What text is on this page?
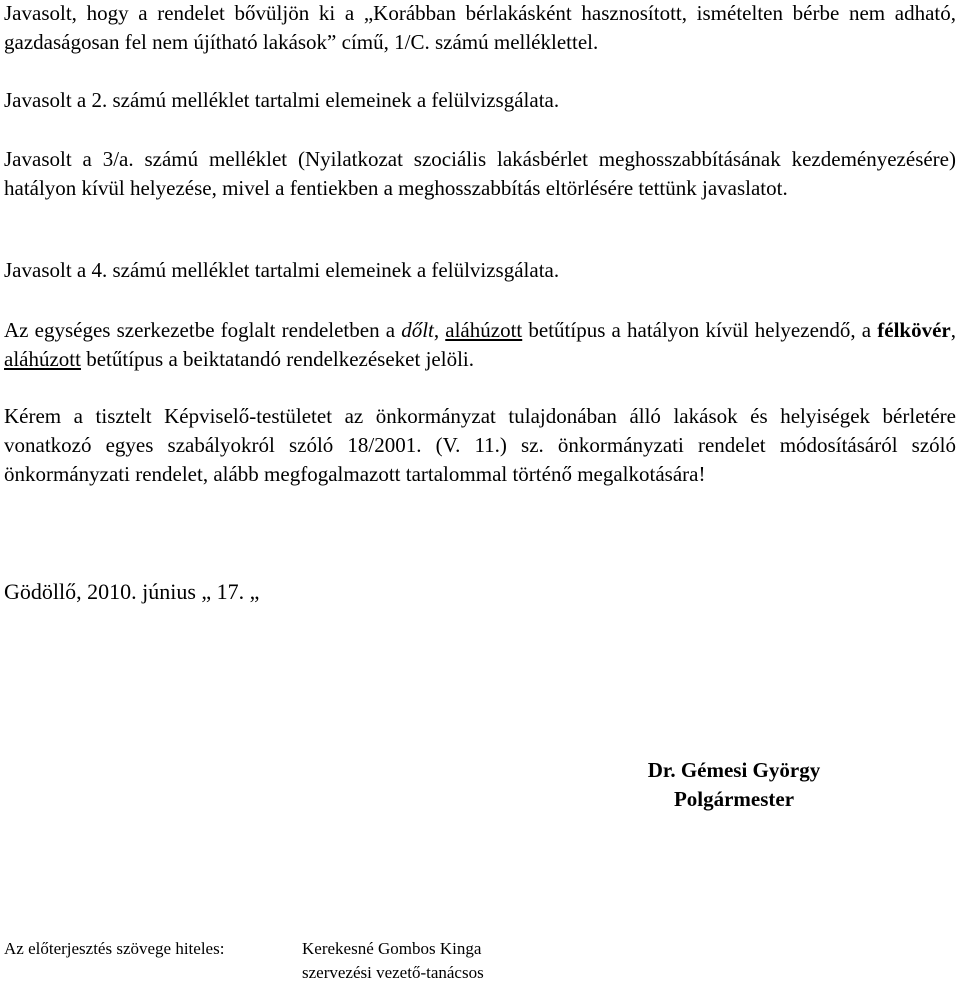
Javasolt, hogy a rendelet bővüljön ki a „Korábban bérlakásként hasznosított, ismételten bérbe nem adható, gazdaságosan fel nem újítható lakások” című, 1/C. számú melléklettel.

Javasolt a 2. számú melléklet tartalmi elemeinek a felülvizsgálata.

Javasolt a 3/a. számú melléklet (Nyilatkozat szociális lakásbérlet meghosszabbításának kezdeményezésére) hatályon kívül helyezése, mivel a fentiekben a meghosszabbítás eltörlésére tettünk javaslatot.

Javasolt a 4. számú melléklet tartalmi elemeinek a felülvizsgálata.

Az egységes szerkezetbe foglalt rendeletben a dőlt, aláhúzott betűtípus a hatályon kívül helyezendő, a félkövér, aláhúzott betűtípus a beiktatandó rendelkezéseket jelöli.

Kérem a tisztelt Képviselő-testületet az önkormányzat tulajdonában álló lakások és helyiségek bérletére vonatkozó egyes szabályokról szóló 18/2001. (V. 11.) sz. önkormányzati rendelet módosításáról szóló önkormányzati rendelet, alább megfogalmazott tartalommal történő megalkotására!

Gödöllő, 2010. június „ 17. „
Dr. Gémesi György
Polgármester
Az előterjesztés szövege hiteles:	Kerekesné Gombos Kinga
szervezési vezető-tanácsos
